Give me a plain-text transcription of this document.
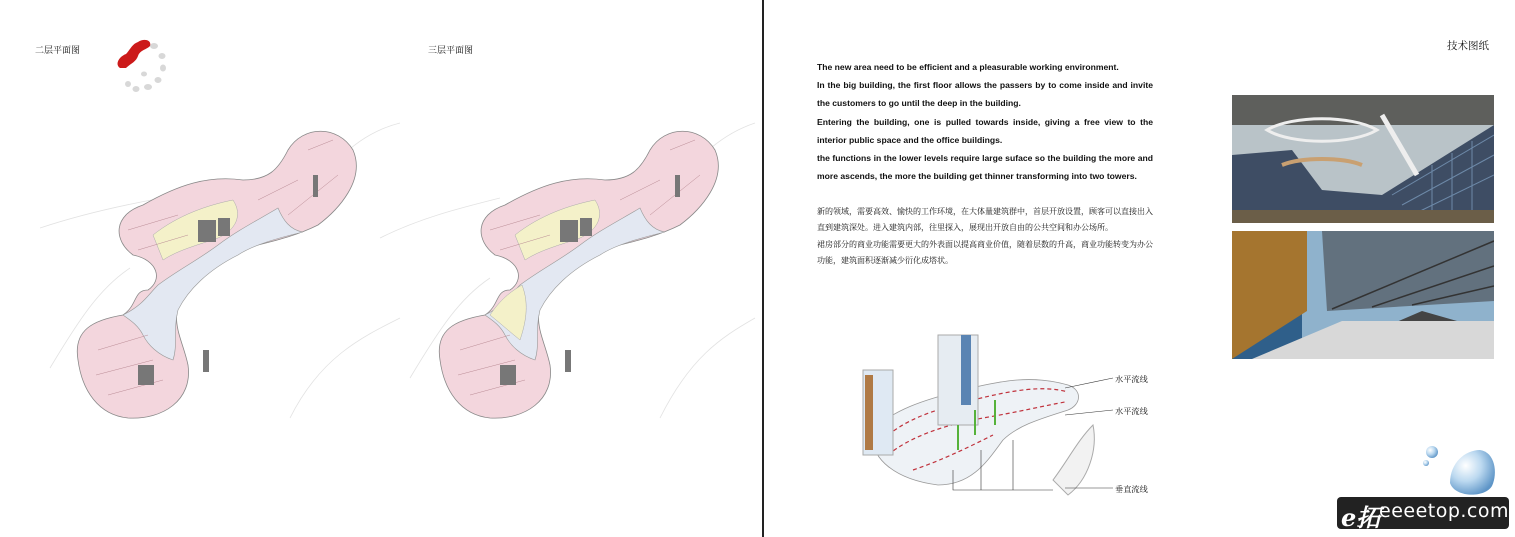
二层平面图	三层平面图

The new area need to be efficient and a pleasurable working environment.

In the big building, the first floor allows the passers by to come inside and invite the customers to go until the deep in the building.

Entering the building, one is pulled towards inside, giving a free view to the interior public space and the office buildings.

the functions in the lower levels require large suface so the building the more and more ascends, the more the building get thinner transforming into two towers.

新的领域，需要高效、愉快的工作环境，在大体量建筑群中，首层开放设置，顾客可以直接出入直到建筑深处。进入建筑内部，往里探入，展现出开放自由的公共空间和办公场所。

裙房部分的商业功能需要更大的外表面以提高商业价值，随着层数的升高，商业功能转变为办公功能，建筑面积逐渐减少衍化成塔状。

技术图纸
水平流线
水平流线
垂直流线
e拓
eeeetop.com
